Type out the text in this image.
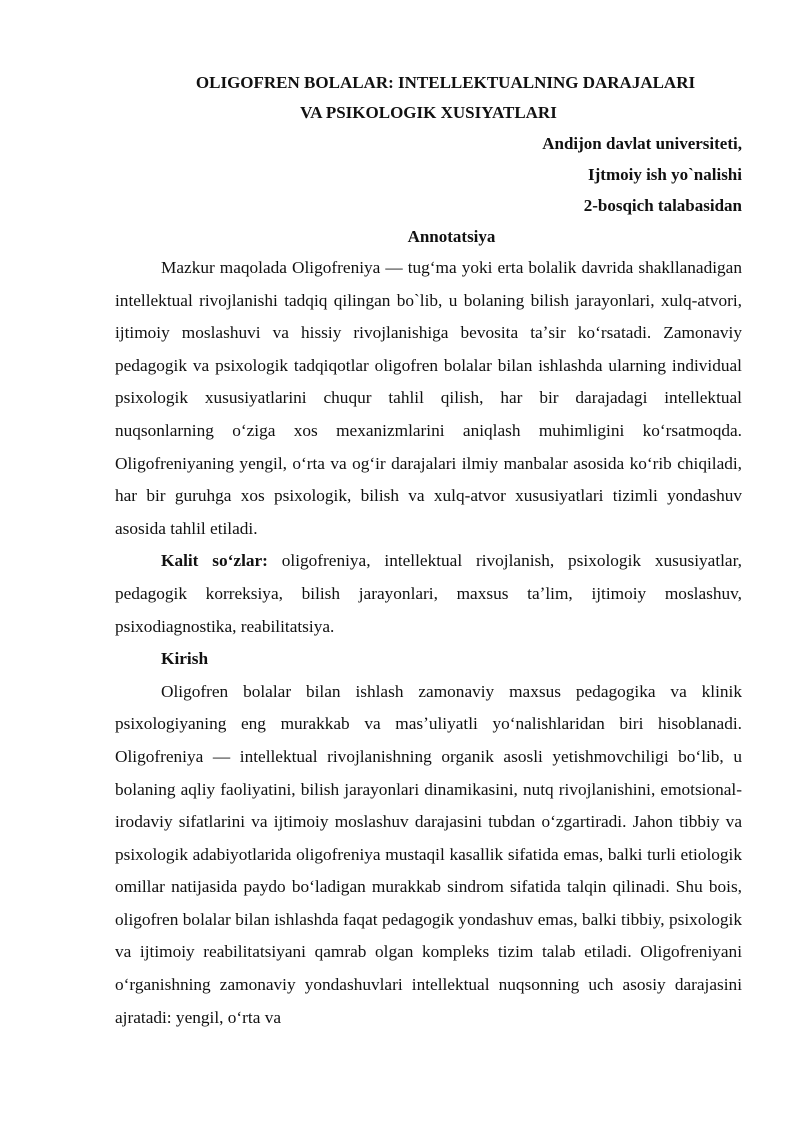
OLIGOFREN BOLALAR: INTELLEKTUALNING DARAJALARI
VA PSIKOLOGIK XUSIYATLARI
Andijon davlat universiteti,
Ijtmoiy ish yo`nalishi
2-bosqich talabasidan
Annotatsiya

Mazkur maqolada Oligofreniya — tugʻma yoki erta bolalik davrida shakllanadigan intellektual rivojlanishi tadqiq qilingan bo`lib, u bolaning bilish jarayonlari, xulq-atvori, ijtimoiy moslashuvi va hissiy rivojlanishiga bevosita taʼsir koʻrsatadi. Zamonaviy pedagogik va psixologik tadqiqotlar oligofren bolalar bilan ishlashda ularning individual psixologik xususiyatlarini chuqur tahlil qilish, har bir darajadagi intellektual nuqsonlarning oʻziga xos mexanizmlarini aniqlash muhimligini koʻrsatmoqda. Oligofreniyaning yengil, oʻrta va ogʻir darajalari ilmiy manbalar asosida koʻrib chiqiladi, har bir guruhga xos psixologik, bilish va xulq-atvor xususiyatlari tizimli yondashuv asosida tahlil etiladi.

Kalit soʻzlar: oligofreniya, intellektual rivojlanish, psixologik xususiyatlar, pedagogik korreksiya, bilish jarayonlari, maxsus taʼlim, ijtimoiy moslashuv, psixodiagnostika, reabilitatsiya.

Kirish

Oligofren bolalar bilan ishlash zamonaviy maxsus pedagogika va klinik psixologiyaning eng murakkab va masʼuliyatli yoʻnalishlaridan biri hisoblanadi. Oligofreniya — intellektual rivojlanishning organik asosli yetishmovchiligi boʻlib, u bolaning aqliy faoliyatini, bilish jarayonlari dinamikasini, nutq rivojlanishini, emotsional-irodaviy sifatlarini va ijtimoiy moslashuv darajasini tubdan oʻzgartiradi. Jahon tibbiy va psixologik adabiyotlarida oligofreniya mustaqil kasallik sifatida emas, balki turli etiologik omillar natijasida paydo boʻladigan murakkab sindrom sifatida talqin qilinadi. Shu bois, oligofren bolalar bilan ishlashda faqat pedagogik yondashuv emas, balki tibbiy, psixologik va ijtimoiy reabilitatsiyani qamrab olgan kompleks tizim talab etiladi. Oligofreniyani oʻrganishning zamonaviy yondashuvlari intellektual nuqsonning uch asosiy darajasini ajratadi: yengil, oʻrta va
